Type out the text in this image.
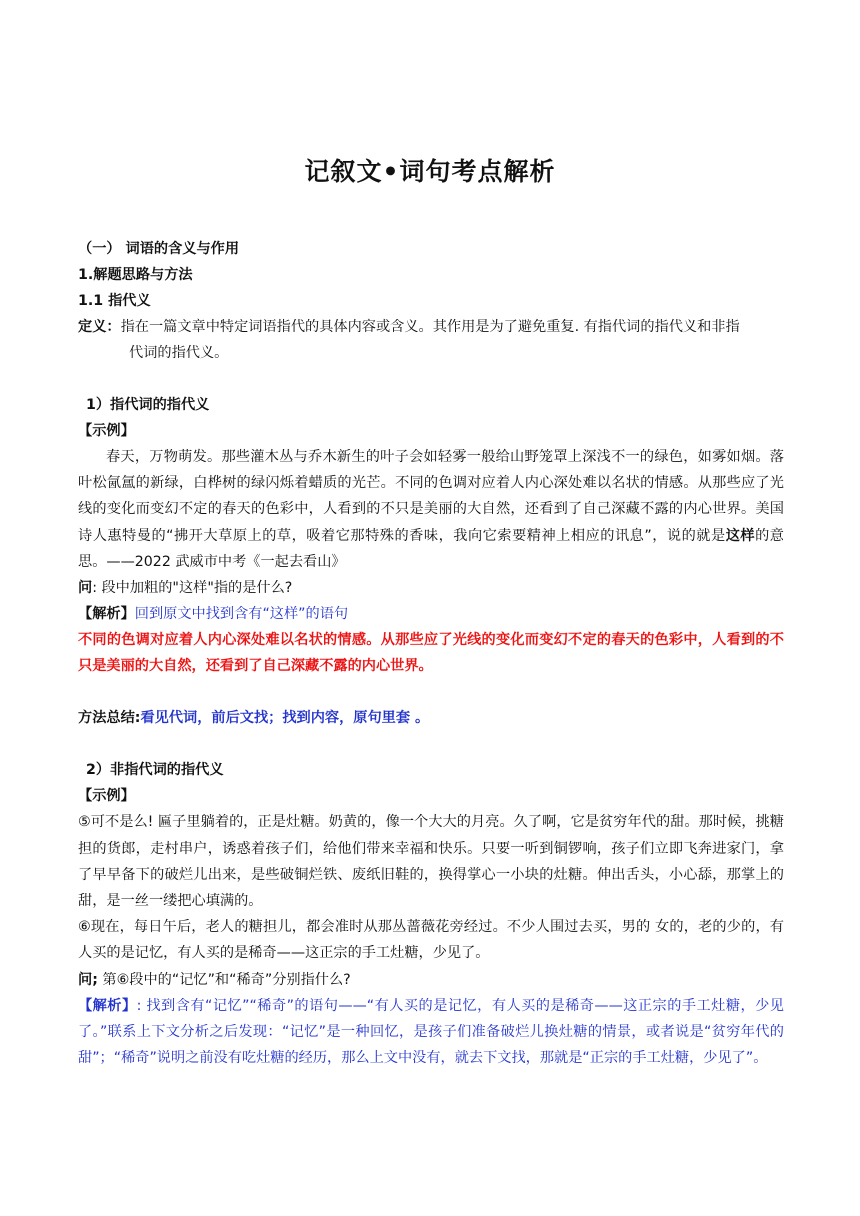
记叙文•词句考点解析
（一） 词语的含义与作用
1.解题思路与方法
1.1 指代义
定义：指在一篇文章中特定词语指代的具体内容或含义。其作用是为了避免重复. 有指代词的指代义和非指
代词的指代义。
1）指代词的指代义
【示例】
春天，万物萌发。那些灌木丛与乔木新生的叶子会如轻雾一般给山野笼罩上深浅不一的绿色，如雾如烟。落叶松氤氲的新绿，白桦树的绿闪烁着蜡质的光芒。不同的色调对应着人内心深处难以名状的情感。从那些应了光线的变化而变幻不定的春天的色彩中，人看到的不只是美丽的大自然，还看到了自己深藏不露的内心世界。美国诗人惠特曼的“拂开大草原上的草，吸着它那特殊的香味，我向它索要精神上相应的讯息”，说的就是这样的意思。——2022 武威市中考《一起去看山》
问: 段中加粗的"这样"指的是什么?
【解析】回到原文中找到含有“这样”的语句
不同的色调对应着人内心深处难以名状的情感。从那些应了光线的变化而变幻不定的春天的色彩中，人看到的不只是美丽的大自然，还看到了自己深藏不露的内心世界。
方法总结:看见代词，前后文找；找到内容，原句里套 。
2）非指代词的指代义
【示例】
⑤可不是么! 匾子里躺着的，正是灶糖。奶黄的，像一个大大的月亮。久了啊，它是贫穷年代的甜。那时候，挑糖担的货郎，走村串户，诱惑着孩子们，给他们带来幸福和快乐。只要一听到铜锣响，孩子们立即飞奔进家门，拿了早早备下的破烂儿出来，是些破铜烂铁、废纸旧鞋的，换得掌心一小块的灶糖。伸出舌头，小心舔，那掌上的甜，是一丝一缕把心填满的。
⑥现在，每日午后，老人的糖担儿，都会准时从那丛蔷薇花旁经过。不少人围过去买，男的 女的，老的少的，有人买的是记忆，有人买的是稀奇——这正宗的手工灶糖，少见了。
问; 第⑥段中的“记忆”和“稀奇”分别指什么?
【解析】: 找到含有“记忆”“稀奇”的语句——“有人买的是记忆，有人买的是稀奇——这正宗的手工灶糖，少见了。”联系上下文分析之后发现：“记忆”是一种回忆，是孩子们准备破烂儿换灶糖的情景，或者说是“贫穷年代的甜”；“稀奇”说明之前没有吃灶糖的经历，那么上文中没有，就去下文找，那就是“正宗的手工灶糖，少见了”。
